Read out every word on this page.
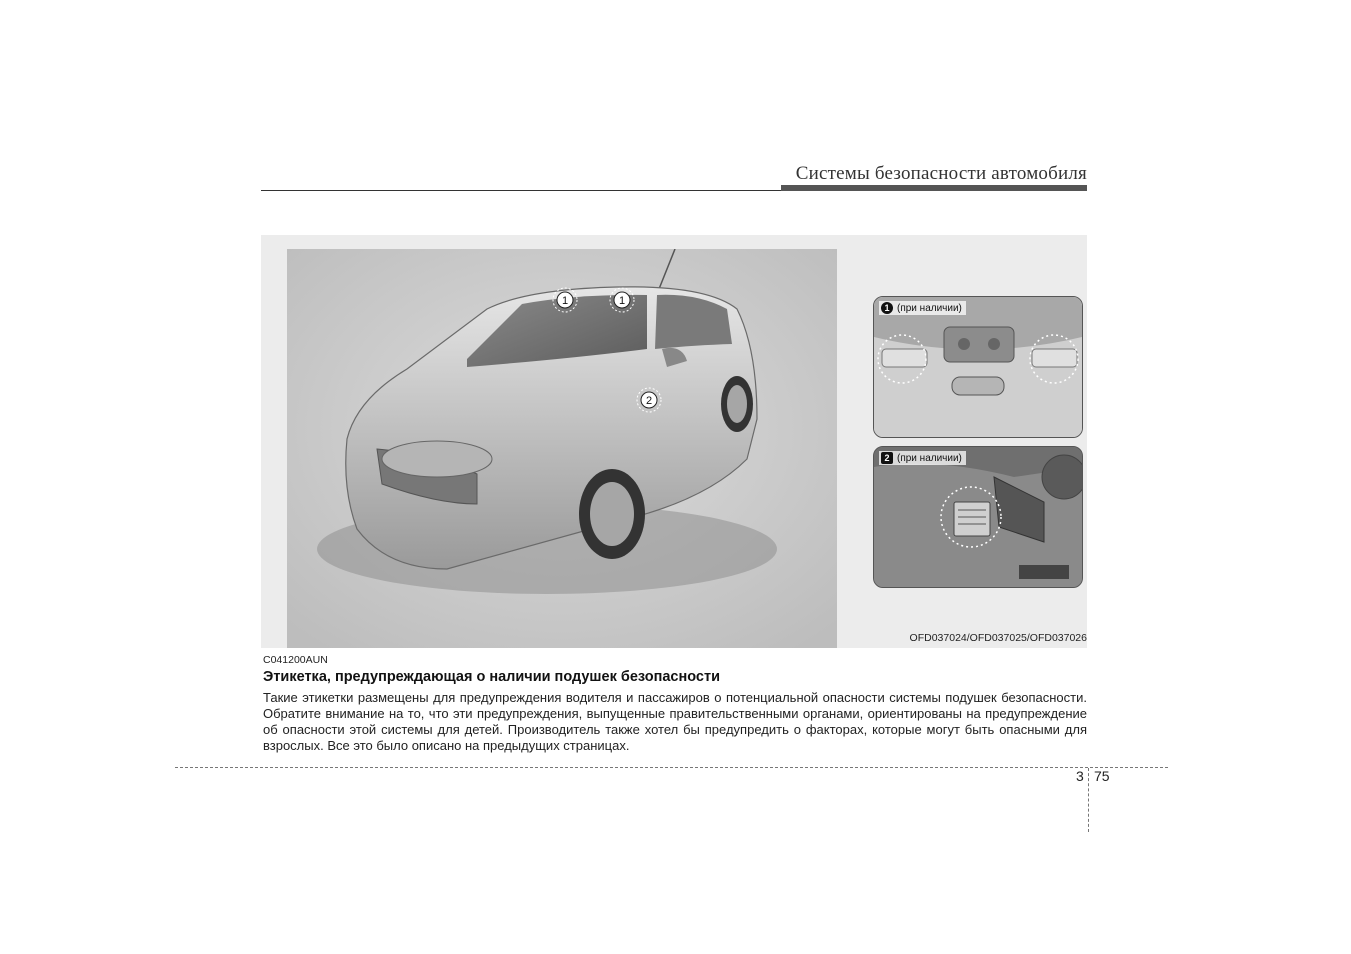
Системы безопасности автомобиля
1	1
2
1 (при наличии)
2 (при наличии)
OFD037024/OFD037025/OFD037026
C041200AUN
Этикетка, предупреждающая о наличии подушек безопасности
Такие этикетки размещены для предупреждения водителя и пассажиров о потенциальной опасности системы подушек безопасности. Обратите внимание на то, что эти предупреждения, выпущенные правительственными органами, ориентированы на предупреждение об опасности этой системы для детей. Производитель также хотел бы предупредить о факторах, которые могут быть опасными для взрослых. Все это было описано на предыдущих страницах.
3 75
